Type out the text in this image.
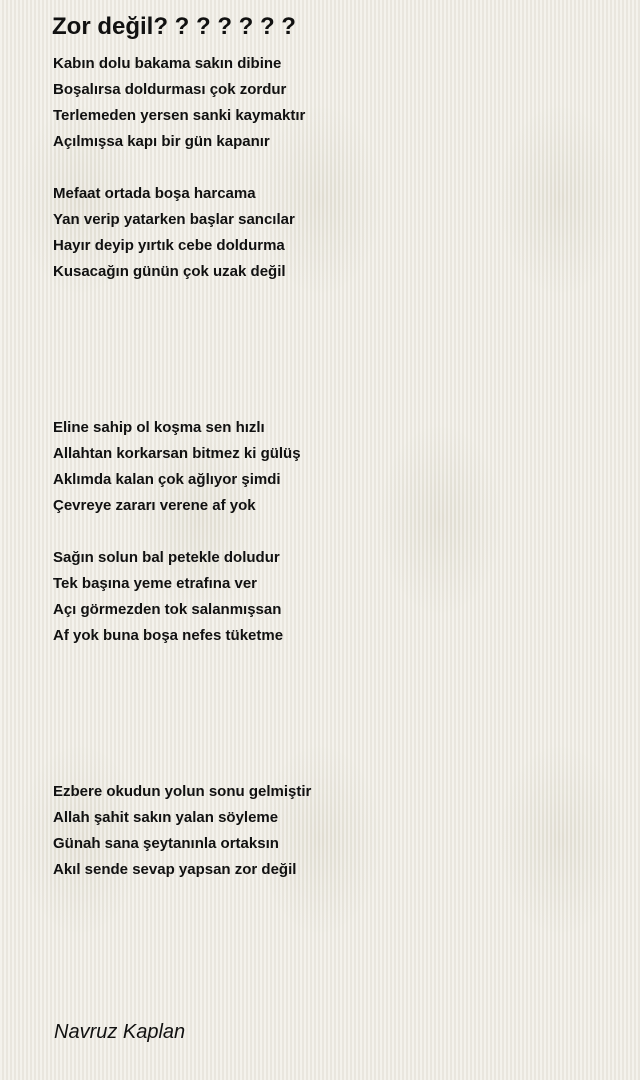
Zor değil? ? ? ? ? ? ?
Kabın dolu bakama sakın dibine
Boşalırsa doldurması çok zordur
Terlemeden yersen sanki kaymaktır
Açılmışsa kapı bir gün kapanır
Mefaat ortada boşa harcama
Yan verip yatarken başlar sancılar
Hayır deyip yırtık cebe doldurma
Kusacağın günün çok uzak değil
Eline sahip ol koşma sen hızlı
Allahtan korkarsan bitmez ki gülüş
Aklımda kalan çok ağlıyor şimdi
Çevreye zararı verene af yok
Sağın solun bal petekle doludur
Tek başına yeme etrafına ver
Açı görmezden tok salanmışsan
Af yok buna boşa nefes tüketme
Ezbere okudun yolun sonu gelmiştir
Allah şahit sakın yalan söyleme
Günah sana şeytanınla ortaksın
Akıl sende sevap yapsan zor değil
Navruz Kaplan
